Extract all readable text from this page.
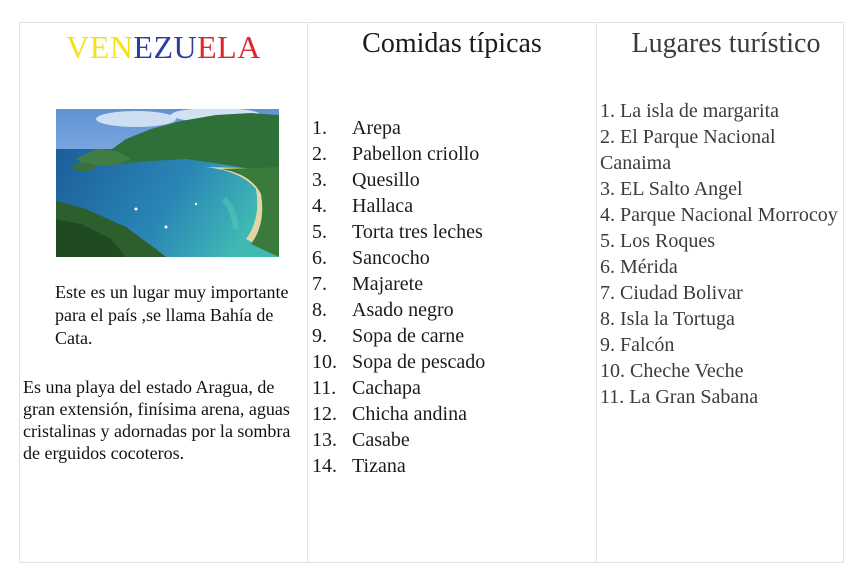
VENEZUELA
Este es un lugar muy importante para el país ,se llama Bahía de Cata.
Es una playa del estado Aragua, de gran extensión, finísima arena, aguas cristalinas y adornadas por la sombra de erguidos cocoteros.
Comidas típicas
1. Arepa
2. Pabellon criollo
3. Quesillo
4. Hallaca
5. Torta tres leches
6. Sancocho
7. Majarete
8. Asado negro
9. Sopa de carne
10. Sopa de pescado
11. Cachapa
12. Chicha andina
13. Casabe
14. Tizana
Lugares turístico
1. La isla de margarita
2. El Parque Nacional Canaima
3. EL Salto Angel
4. Parque Nacional Morrocoy
5. Los Roques
6. Mérida
7. Ciudad Bolivar
8. Isla la Tortuga
9. Falcón
10. Cheche Veche
11. La Gran Sabana
